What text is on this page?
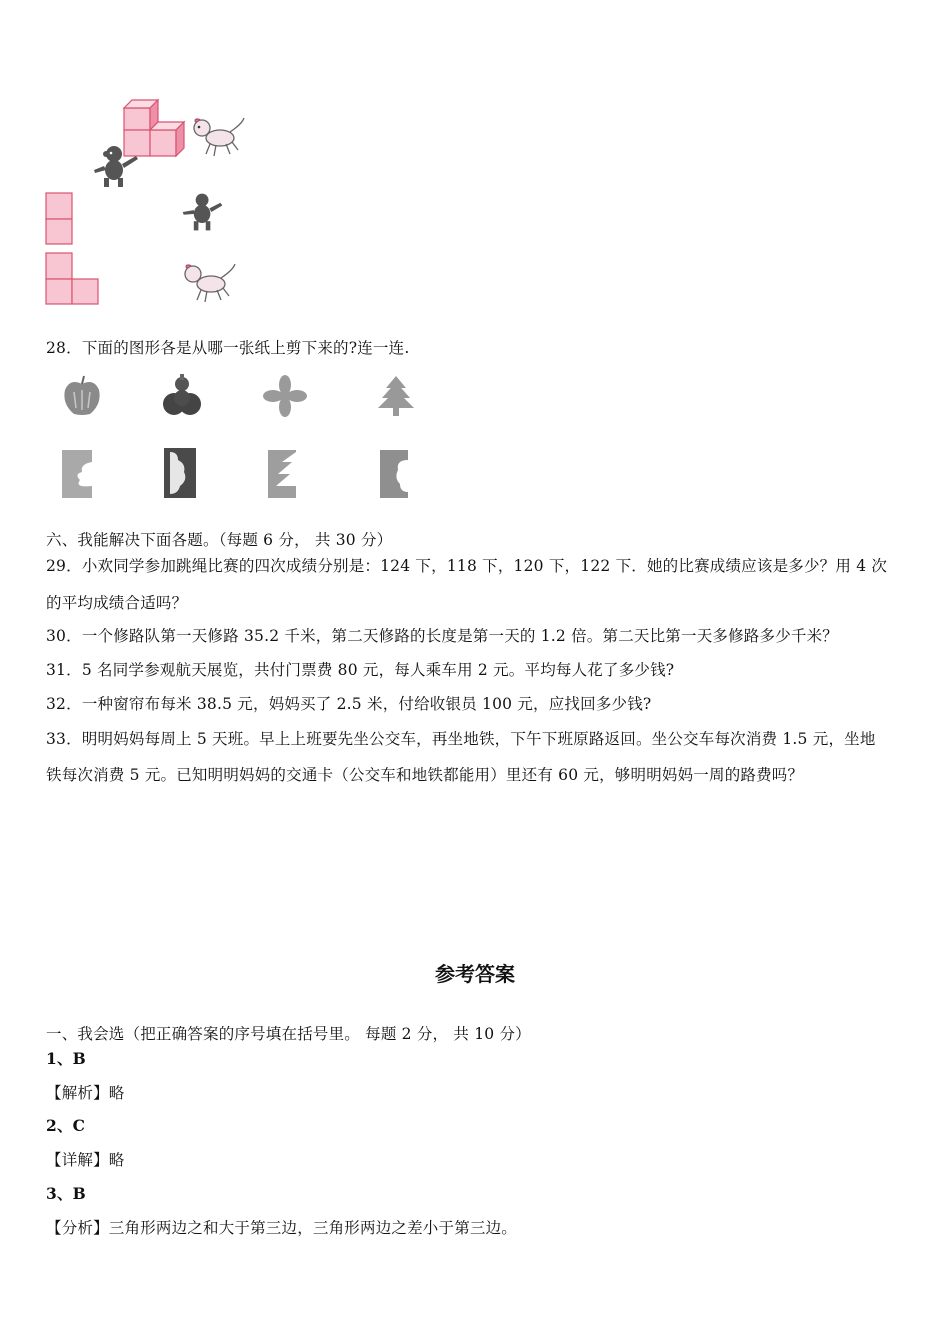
28．下面的图形各是从哪一张纸上剪下来的?连一连.
六、我能解决下面各题。（每题 6 分， 共 30 分）
29．小欢同学参加跳绳比赛的四次成绩分别是：124 下，118 下，120 下，122 下．她的比赛成绩应该是多少？用 4 次
的平均成绩合适吗？
30．一个修路队第一天修路 35.2 千米，第二天修路的长度是第一天的 1.2 倍。第二天比第一天多修路多少千米？
31．5 名同学参观航天展览，共付门票费 80 元，每人乘车用 2 元。平均每人花了多少钱?
32．一种窗帘布每米 38.5 元，妈妈买了 2.5 米，付给收银员 100 元，应找回多少钱?
33．明明妈妈每周上 5 天班。早上上班要先坐公交车，再坐地铁，下午下班原路返回。坐公交车每次消费 1.5 元，坐地
铁每次消费 5 元。已知明明妈妈的交通卡（公交车和地铁都能用）里还有 60 元，够明明妈妈一周的路费吗？
参考答案
一、我会选（把正确答案的序号填在括号里。 每题 2 分， 共 10 分）
1、B
【解析】略
2、C
【详解】略
3、B
【分析】三角形两边之和大于第三边，三角形两边之差小于第三边。
